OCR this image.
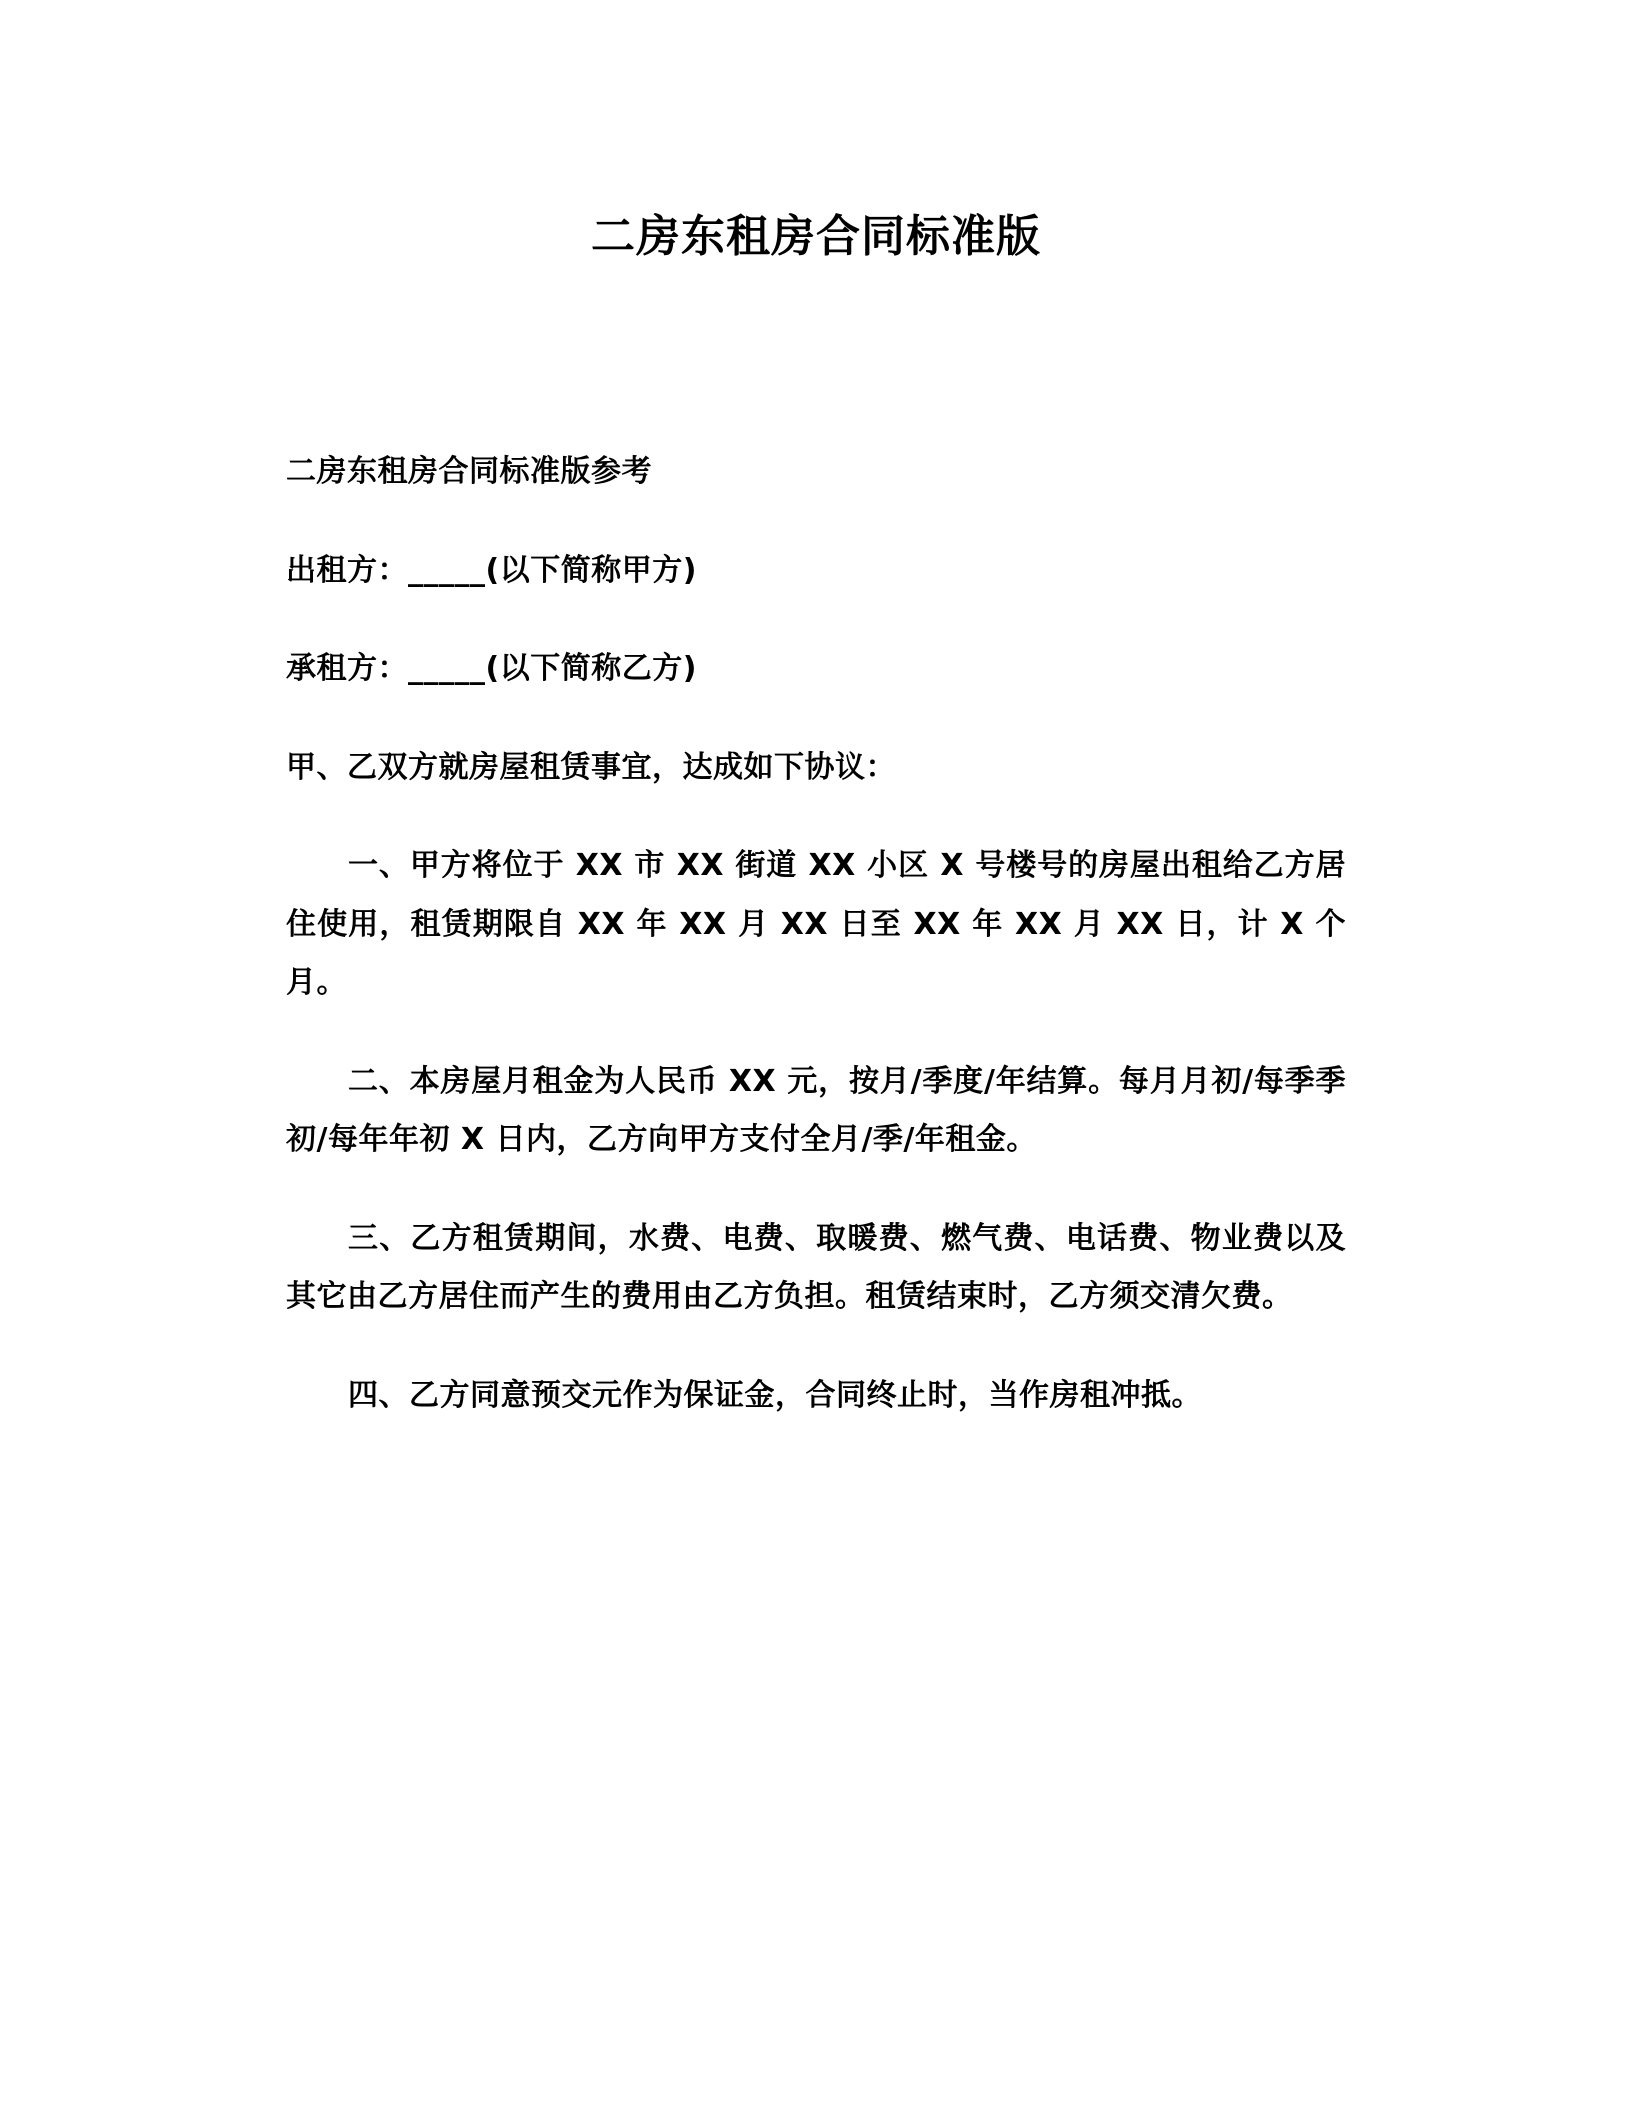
二房东租房合同标准版

二房东租房合同标准版参考

出租方：_____(以下简称甲方)

承租方：_____(以下简称乙方)

甲、乙双方就房屋租赁事宜，达成如下协议：

一、甲方将位于 XX 市 XX 街道 XX 小区 X 号楼号的房屋出租给乙方居住使用，租赁期限自 XX 年 XX 月 XX 日至 XX 年 XX 月 XX 日，计 X 个月。

二、本房屋月租金为人民币 XX 元，按月/季度/年结算。每月月初/每季季初/每年年初 X 日内，乙方向甲方支付全月/季/年租金。

三、乙方租赁期间，水费、电费、取暖费、燃气费、电话费、物业费以及其它由乙方居住而产生的费用由乙方负担。租赁结束时，乙方须交清欠费。

四、乙方同意预交元作为保证金，合同终止时，当作房租冲抵。
